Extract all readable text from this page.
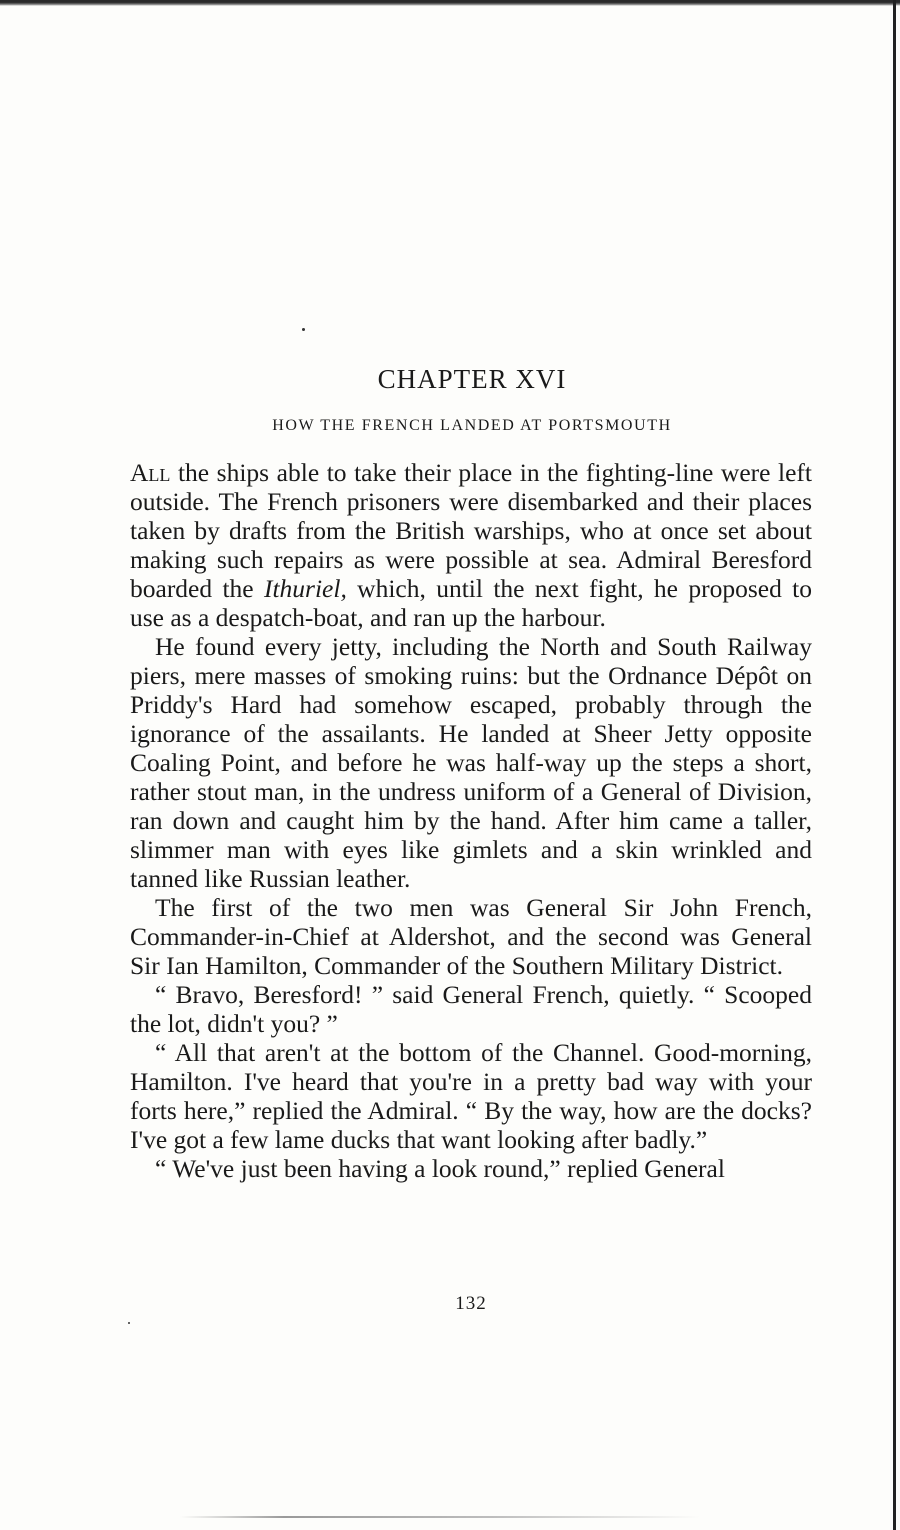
CHAPTER XVI
HOW THE FRENCH LANDED AT PORTSMOUTH

All the ships able to take their place in the fighting-line were left outside. The French prisoners were disembarked and their places taken by drafts from the British warships, who at once set about making such repairs as were possible at sea. Admiral Beresford boarded the Ithuriel, which, until the next fight, he proposed to use as a despatch-boat, and ran up the harbour.

He found every jetty, including the North and South Railway piers, mere masses of smoking ruins: but the Ordnance Dépôt on Priddy's Hard had somehow escaped, probably through the ignorance of the assailants. He landed at Sheer Jetty opposite Coaling Point, and before he was half-way up the steps a short, rather stout man, in the undress uniform of a General of Division, ran down and caught him by the hand. After him came a taller, slimmer man with eyes like gimlets and a skin wrinkled and tanned like Russian leather.

The first of the two men was General Sir John French, Commander-in-Chief at Aldershot, and the second was General Sir Ian Hamilton, Commander of the Southern Military District.

“ Bravo, Beresford! ” said General French, quietly. “ Scooped the lot, didn't you? ”

“ All that aren't at the bottom of the Channel. Good-morning, Hamilton. I've heard that you're in a pretty bad way with your forts here,” replied the Admiral. “ By the way, how are the docks? I've got a few lame ducks that want looking after badly.”

“ We've just been having a look round,” replied General

132
